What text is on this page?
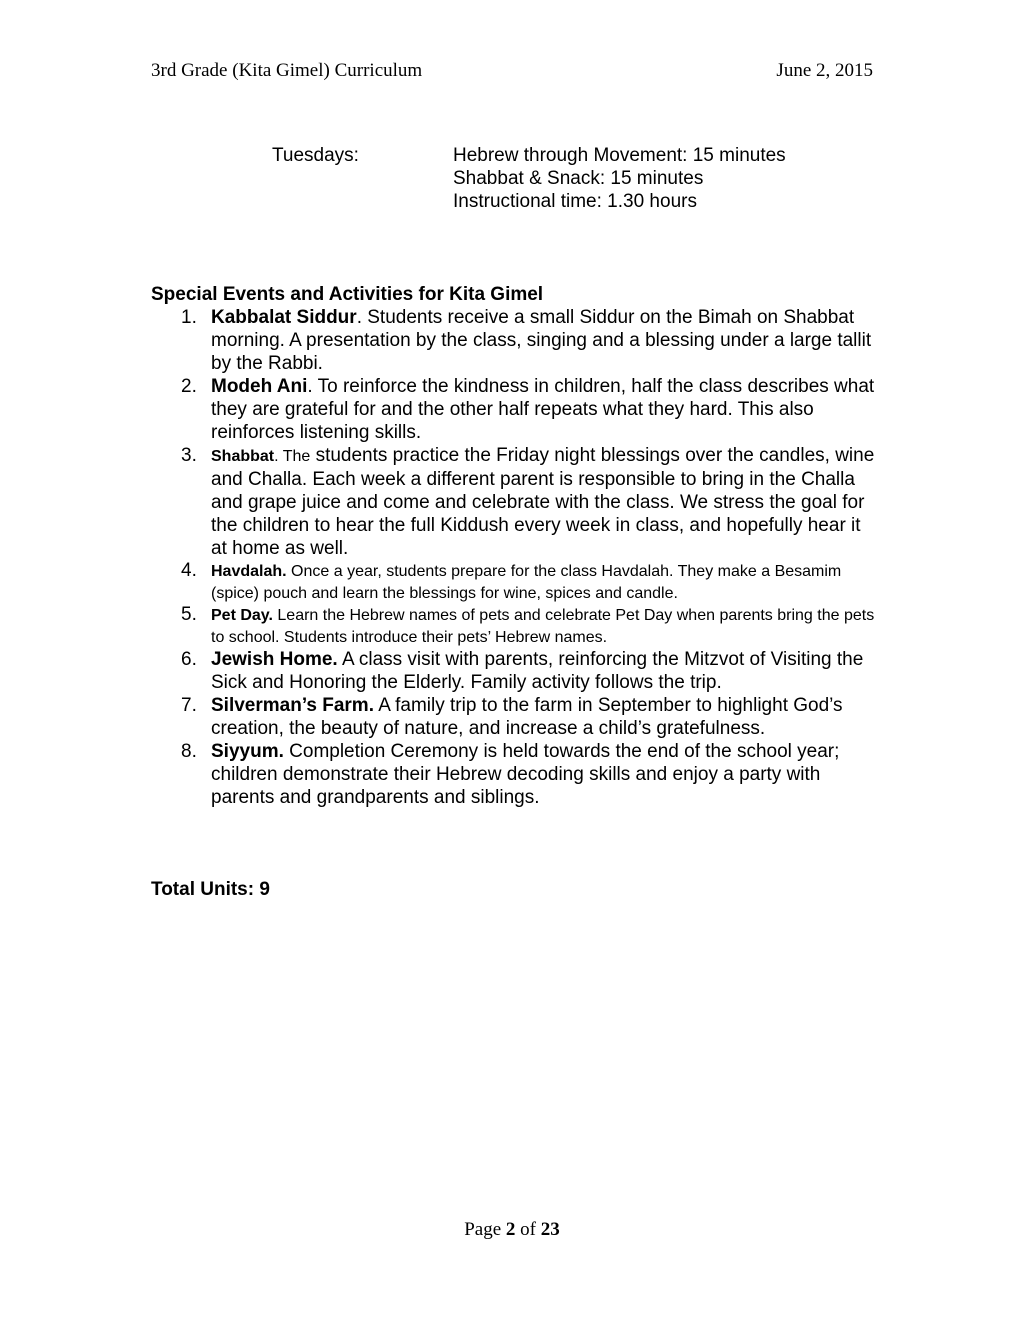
3rd Grade (Kita Gimel) Curriculum	June 2, 2015
Tuesdays:	Hebrew through Movement: 15 minutes
Shabbat & Snack: 15 minutes
Instructional time: 1.30 hours
Special Events and Activities for Kita Gimel
1. Kabbalat Siddur. Students receive a small Siddur on the Bimah on Shabbat morning. A presentation by the class, singing and a blessing under a large tallit by the Rabbi.
2. Modeh Ani. To reinforce the kindness in children, half the class describes what they are grateful for and the other half repeats what they hard. This also reinforces listening skills.
3. Shabbat. The students practice the Friday night blessings over the candles, wine and Challa. Each week a different parent is responsible to bring in the Challa and grape juice and come and celebrate with the class. We stress the goal for the children to hear the full Kiddush every week in class, and hopefully hear it at home as well.
4. Havdalah. Once a year, students prepare for the class Havdalah. They make a Besamim (spice) pouch and learn the blessings for wine, spices and candle.
5. Pet Day. Learn the Hebrew names of pets and celebrate Pet Day when parents bring the pets to school. Students introduce their pets’ Hebrew names.
6. Jewish Home. A class visit with parents, reinforcing the Mitzvot of Visiting the Sick and Honoring the Elderly. Family activity follows the trip.
7. Silverman’s Farm. A family trip to the farm in September to highlight God’s creation, the beauty of nature, and increase a child’s gratefulness.
8. Siyyum. Completion Ceremony is held towards the end of the school year; children demonstrate their Hebrew decoding skills and enjoy a party with parents and grandparents and siblings.
Total Units: 9
Page 2 of 23
